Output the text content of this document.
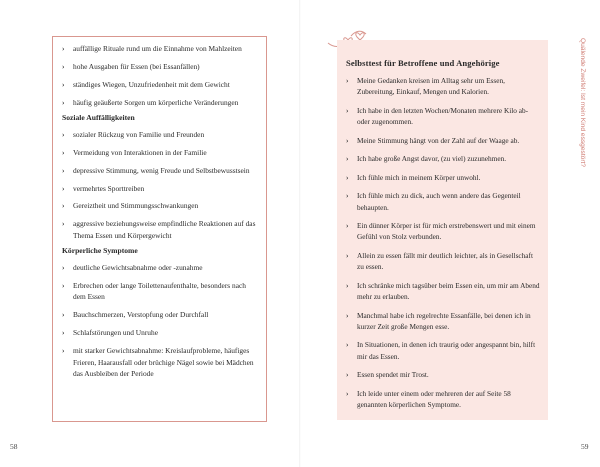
› auffällige Rituale rund um die Einnahme von Mahlzeiten
› hohe Ausgaben für Essen (bei Essanfällen)
› ständiges Wiegen, Unzufriedenheit mit dem Gewicht
› häufig geäußerte Sorgen um körperliche Veränderungen
Soziale Auffälligkeiten
› sozialer Rückzug von Familie und Freunden
› Vermeidung von Interaktionen in der Familie
› depressive Stimmung, wenig Freude und Selbstbewusstsein
› vermehrtes Sporttreiben
› Gereiztheit und Stimmungsschwankungen
› aggressive beziehungsweise empfindliche Reaktionen auf das Thema Essen und Körpergewicht
Körperliche Symptome
› deutliche Gewichtsabnahme oder -zunahme
› Erbrechen oder lange Toilettenaufenthalte, besonders nach dem Essen
› Bauchschmerzen, Verstopfung oder Durchfall
› Schlafstörungen und Unruhe
› mit starker Gewichtsabnahme: Kreislaufprobleme, häufiges Frieren, Haarausfall oder brüchige Nägel sowie bei Mädchen das Ausbleiben der Periode
58
Selbsttest für Betroffene und Angehörige
› Meine Gedanken kreisen im Alltag sehr um Essen, Zubereitung, Einkauf, Mengen und Kalorien.
› Ich habe in den letzten Wochen/Monaten mehrere Kilo ab- oder zugenommen.
› Meine Stimmung hängt von der Zahl auf der Waage ab.
› Ich habe große Angst davor, (zu viel) zuzunehmen.
› Ich fühle mich in meinem Körper unwohl.
› Ich fühle mich zu dick, auch wenn andere das Gegenteil behaupten.
› Ein dünner Körper ist für mich erstrebenswert und mit einem Gefühl von Stolz verbunden.
› Allein zu essen fällt mir deutlich leichter, als in Gesellschaft zu essen.
› Ich schränke mich tagsüber beim Essen ein, um mir am Abend mehr zu erlauben.
› Manchmal habe ich regelrechte Essanfälle, bei denen ich in kurzer Zeit große Mengen esse.
› In Situationen, in denen ich traurig oder angespannt bin, hilft mir das Essen.
› Essen spendet mir Trost.
› Ich leide unter einem oder mehreren der auf Seite 58 genannten körperlichen Symptome.
Quälende Zweifel: Ist mein Kind essgestört?
59
